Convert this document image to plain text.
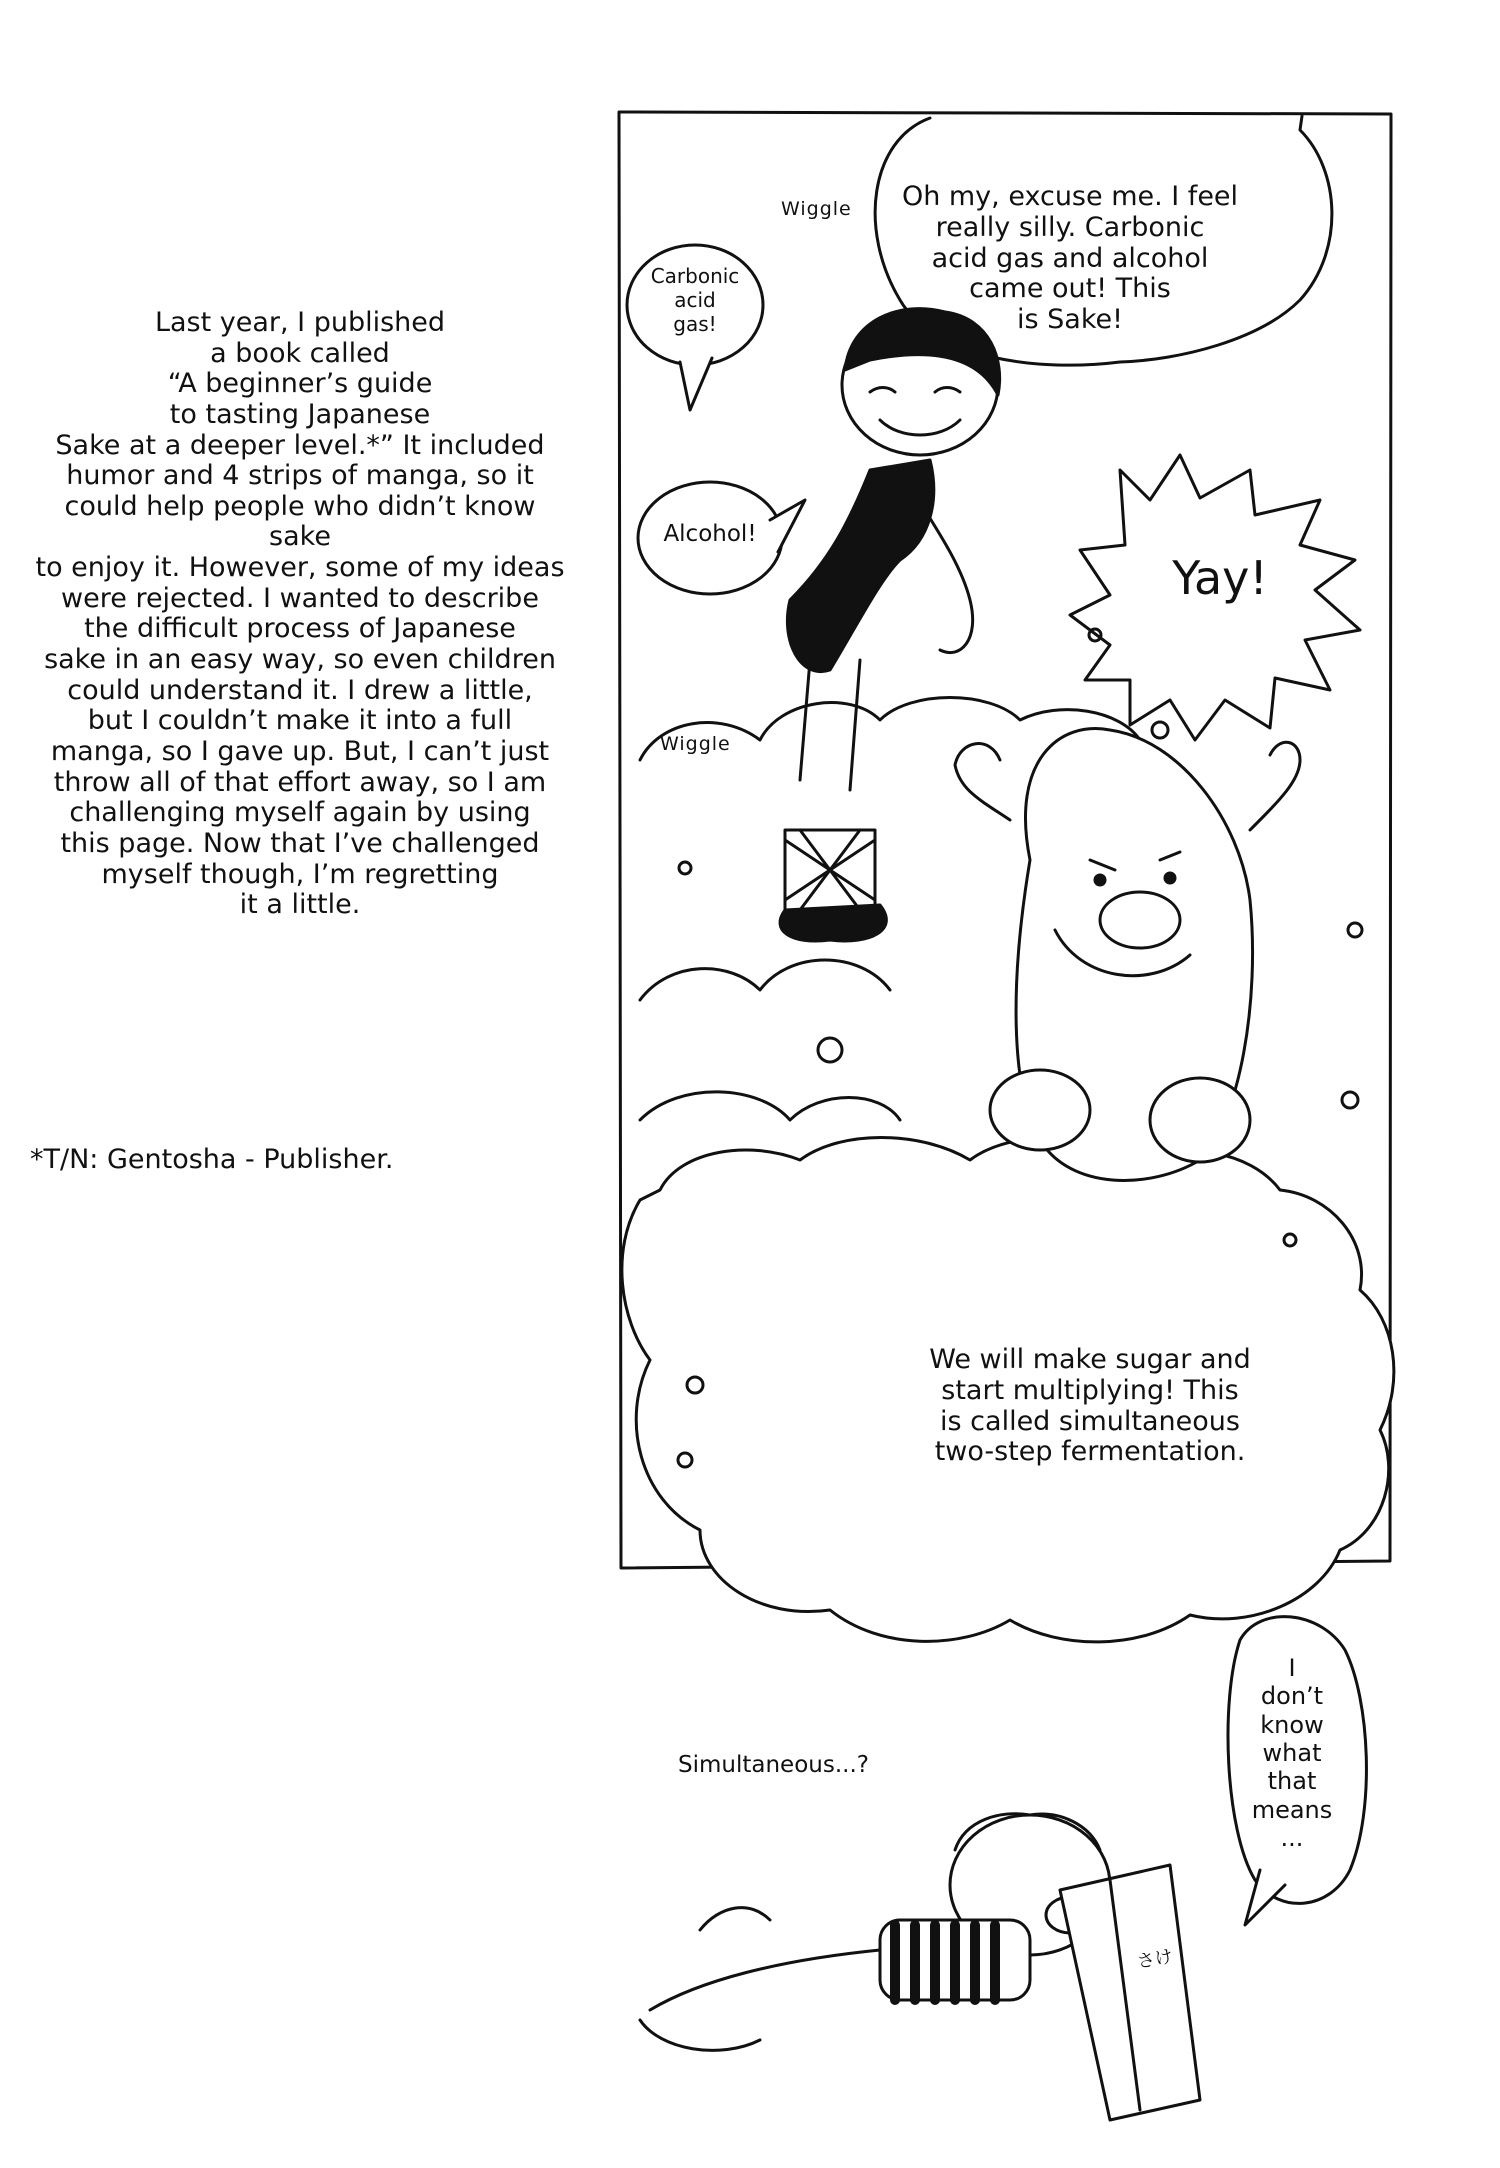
Last year, I published
a book called
“A beginner’s guide
to tasting Japanese
Sake at a deeper level.*” It included
humor and 4 strips of manga, so it
could help people who didn’t know sake
to enjoy it. However, some of my ideas
were rejected. I wanted to describe
the difficult process of Japanese
sake in an easy way, so even children
could understand it. I drew a little,
but I couldn’t make it into a full
manga, so I gave up. But, I can’t just
throw all of that effort away, so I am
challenging myself again by using
this page. Now that I’ve challenged
myself though, I’m regretting
it a little.
*T/N: Gentosha - Publisher.
Wiggle
Wiggle
Oh my, excuse me. I feel
really silly. Carbonic
acid gas and alcohol
came out! This
is Sake!
Carbonic
acid
gas!
Alcohol!
Yay!
We will make sugar and
start multiplying! This
is called simultaneous
two-step fermentation.
Simultaneous...?
I
don’t
know
what
that
means
...
さけ
